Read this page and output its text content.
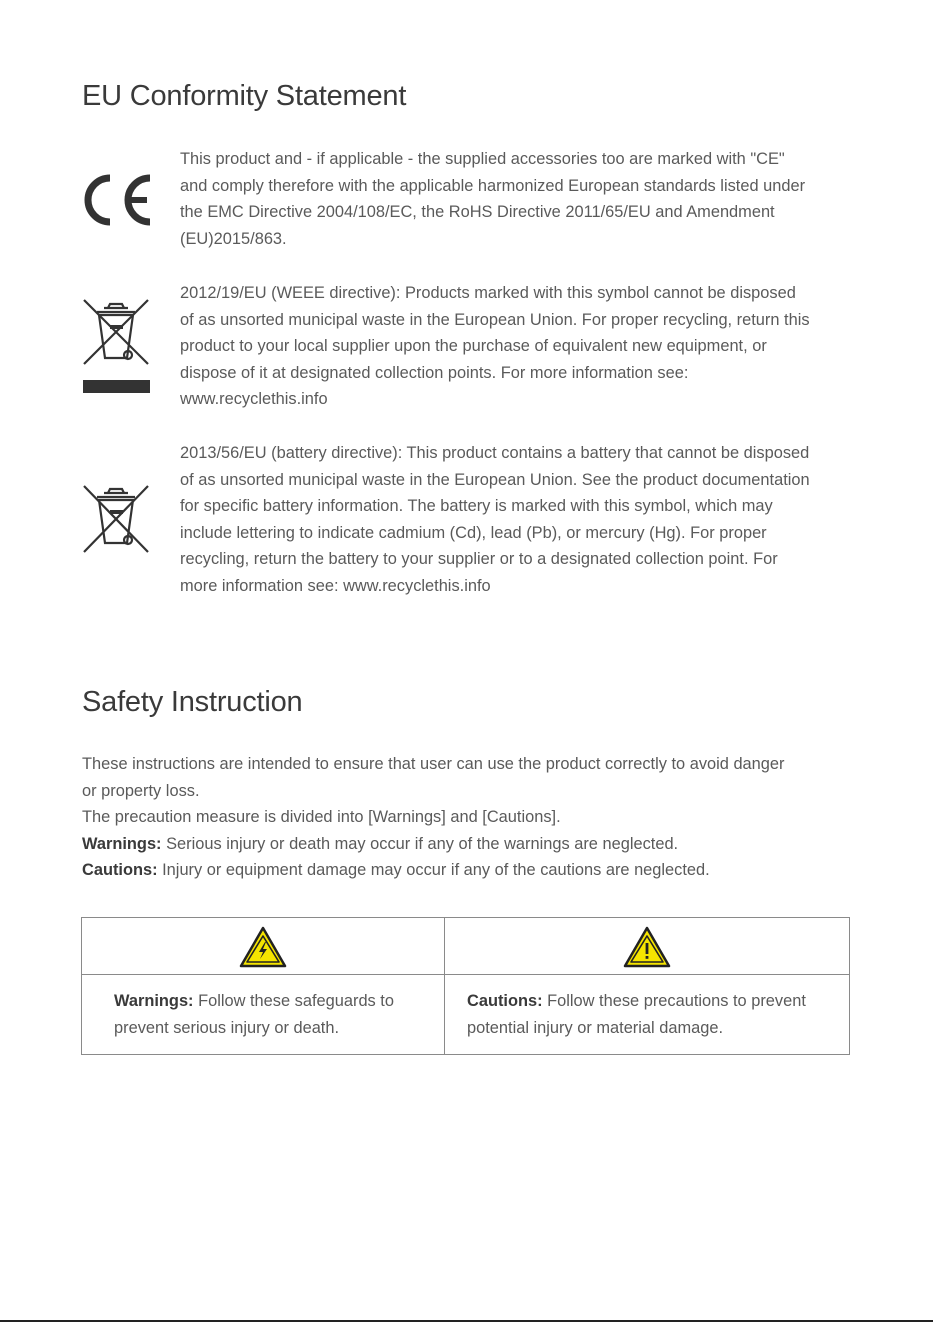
EU Conformity Statement

This product and - if applicable - the supplied accessories too are marked with "CE"
and comply therefore with the applicable harmonized European standards listed under
the EMC Directive 2004/108/EC, the RoHS Directive 2011/65/EU and Amendment
(EU)2015/863.

2012/19/EU (WEEE directive): Products marked with this symbol cannot be disposed
of as unsorted municipal waste in the European Union. For proper recycling, return this
product to your local supplier upon the purchase of equivalent new equipment, or
dispose of it at designated collection points. For more information see:
www.recyclethis.info

2013/56/EU (battery directive): This product contains a battery that cannot be disposed
of as unsorted municipal waste in the European Union. See the product documentation
for specific battery information. The battery is marked with this symbol, which may
include lettering to indicate cadmium (Cd), lead (Pb), or mercury (Hg). For proper
recycling, return the battery to your supplier or to a designated collection point. For
more information see: www.recyclethis.info

Safety Instruction
These instructions are intended to ensure that user can use the product correctly to avoid danger
or property loss.
The precaution measure is divided into [Warnings] and [Cautions].
Warnings: Serious injury or death may occur if any of the warnings are neglected.
Cautions: Injury or equipment damage may occur if any of the cautions are neglected.

Warnings: Follow these safeguards to
prevent serious injury or death.

Cautions: Follow these precautions to prevent
potential injury or material damage.
